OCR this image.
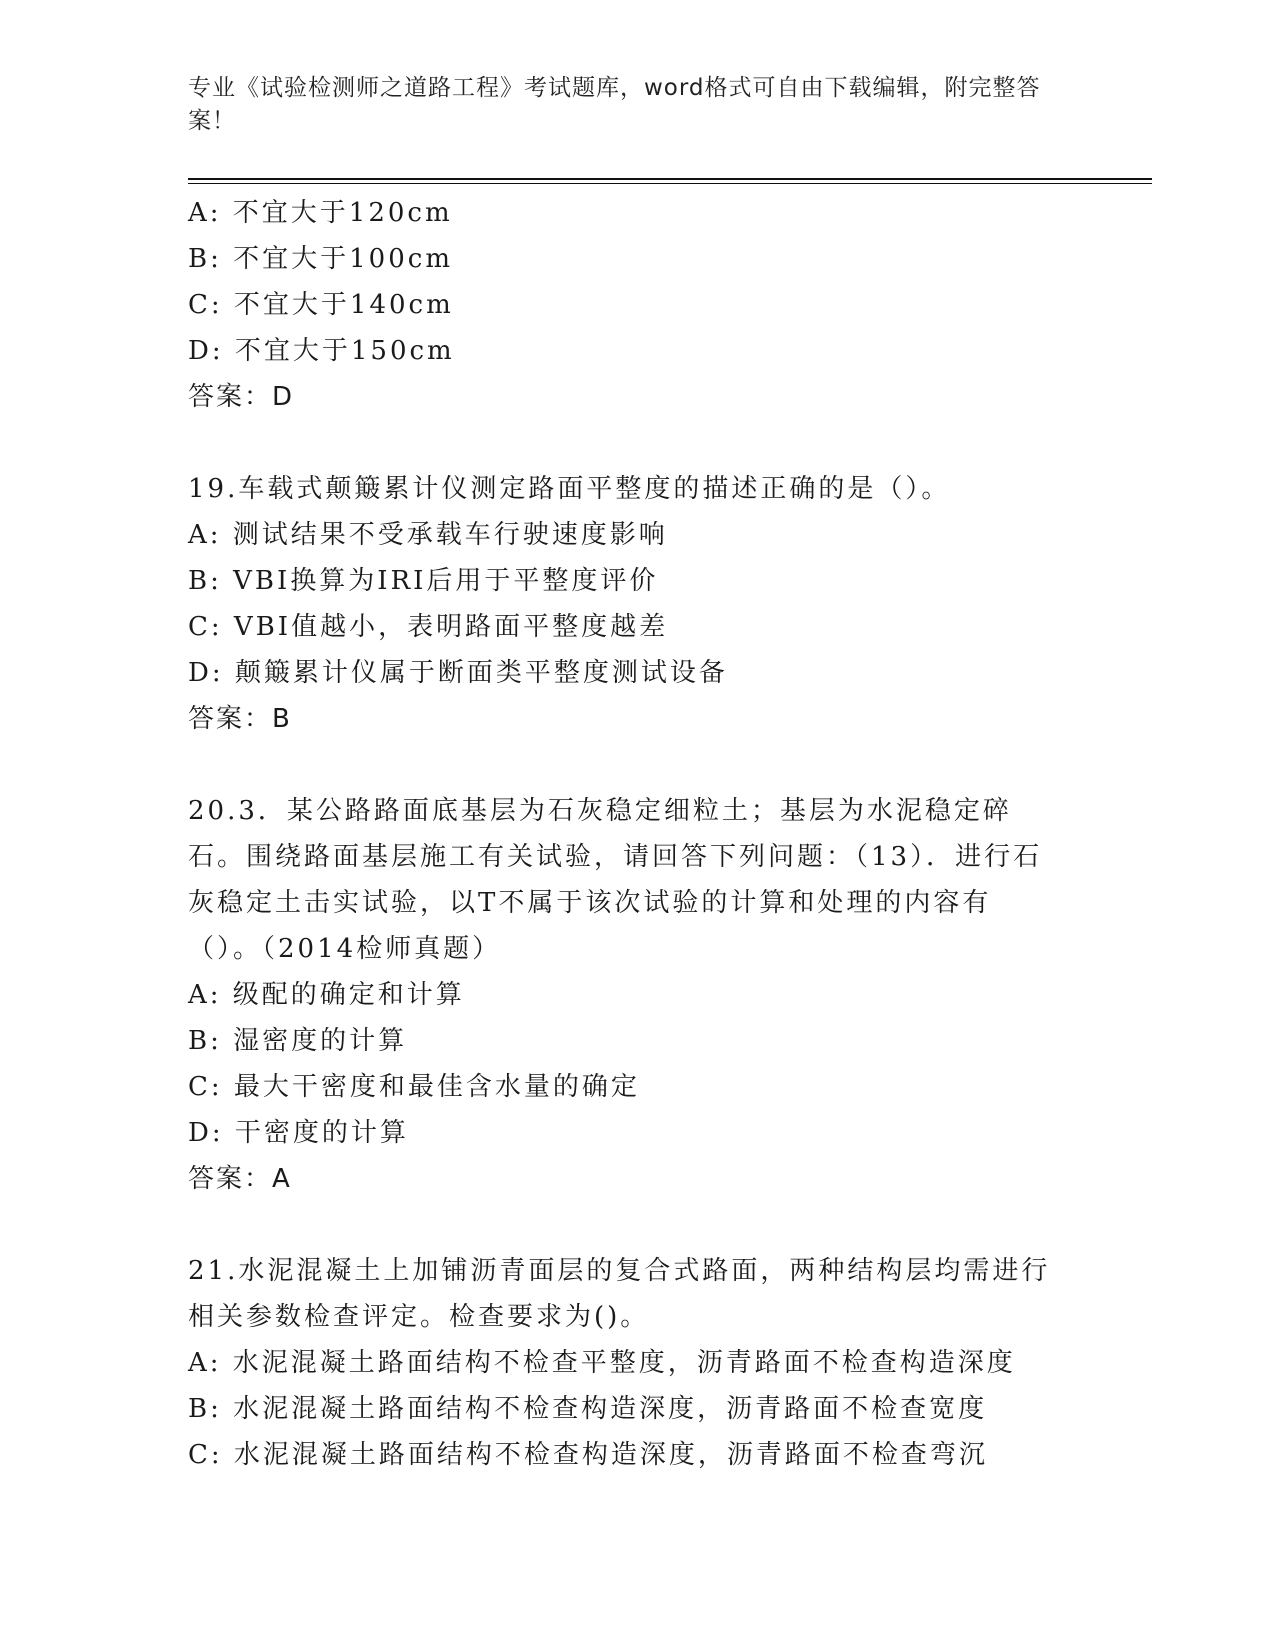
专业《试验检测师之道路工程》考试题库，word格式可自由下载编辑，附完整答案！
A: 不宜大于120cm
B: 不宜大于100cm
C: 不宜大于140cm
D: 不宜大于150cm
答案：D
19.车载式颠簸累计仪测定路面平整度的描述正确的是（）。
A: 测试结果不受承载车行驶速度影响
B: VBI换算为IRI后用于平整度评价
C: VBI值越小，表明路面平整度越差
D: 颠簸累计仪属于断面类平整度测试设备
答案：B
20.3．某公路路面底基层为石灰稳定细粒土；基层为水泥稳定碎石。围绕路面基层施工有关试验，请回答下列问题：（13）．进行石灰稳定土击实试验，以T不属于该次试验的计算和处理的内容有（）。（2014检师真题）
A: 级配的确定和计算
B: 湿密度的计算
C: 最大干密度和最佳含水量的确定
D: 干密度的计算
答案：A
21.水泥混凝土上加铺沥青面层的复合式路面，两种结构层均需进行相关参数检查评定。检查要求为()。
A: 水泥混凝土路面结构不检查平整度，沥青路面不检查构造深度
B: 水泥混凝土路面结构不检查构造深度，沥青路面不检查宽度
C: 水泥混凝土路面结构不检查构造深度，沥青路面不检查弯沉
